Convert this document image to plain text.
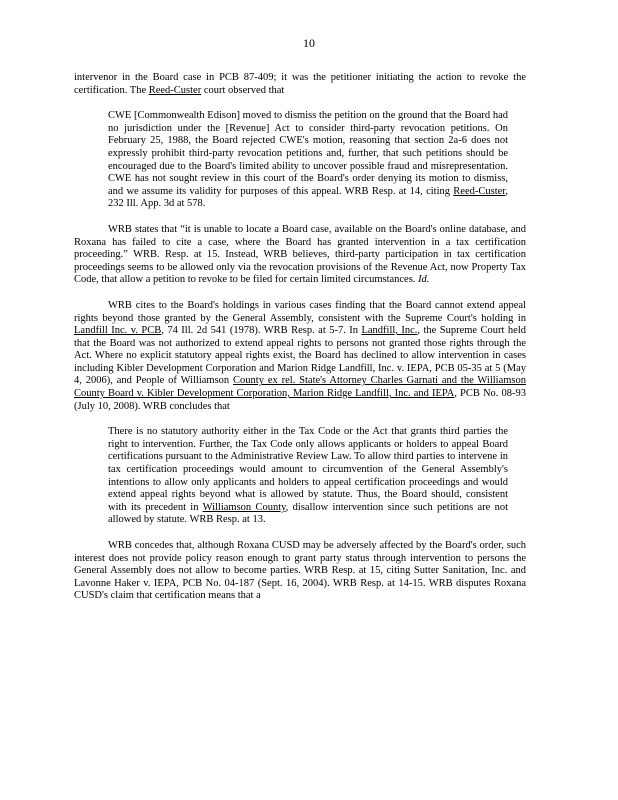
10

intervenor in the Board case in PCB 87-409; it was the petitioner initiating the action to revoke the certification. The Reed-Custer court observed that

CWE [Commonwealth Edison] moved to dismiss the petition on the ground that the Board had no jurisdiction under the [Revenue] Act to consider third-party revocation petitions. On February 25, 1988, the Board rejected CWE's motion, reasoning that section 2a-6 does not expressly prohibit third-party revocation petitions and, further, that such petitions should be encouraged due to the Board's limited ability to uncover possible fraud and misrepresentation. CWE has not sought review in this court of the Board's order denying its motion to dismiss, and we assume its validity for purposes of this appeal. WRB Resp. at 14, citing Reed-Custer, 232 Ill. App. 3d at 578.

WRB states that “it is unable to locate a Board case, available on the Board's online database, and Roxana has failed to cite a case, where the Board has granted intervention in a tax certification proceeding.” WRB. Resp. at 15. Instead, WRB believes, third-party participation in tax certification proceedings seems to be allowed only via the revocation provisions of the Revenue Act, now Property Tax Code, that allow a petition to revoke to be filed for certain limited circumstances. Id.

WRB cites to the Board's holdings in various cases finding that the Board cannot extend appeal rights beyond those granted by the General Assembly, consistent with the Supreme Court's holding in Landfill Inc. v. PCB, 74 Ill. 2d 541 (1978). WRB Resp. at 5-7. In Landfill, Inc., the Supreme Court held that the Board was not authorized to extend appeal rights to persons not granted those rights through the Act. Where no explicit statutory appeal rights exist, the Board has declined to allow intervention in cases including Kibler Development Corporation and Marion Ridge Landfill, Inc. v. IEPA, PCB 05-35 at 5 (May 4, 2006), and People of Williamson County ex rel. State's Attorney Charles Garnati and the Williamson County Board v. Kibler Development Corporation, Marion Ridge Landfill, Inc. and IEPA, PCB No. 08-93 (July 10, 2008). WRB concludes that

There is no statutory authority either in the Tax Code or the Act that grants third parties the right to intervention. Further, the Tax Code only allows applicants or holders to appeal Board certifications pursuant to the Administrative Review Law. To allow third parties to intervene in tax certification proceedings would amount to circumvention of the General Assembly's intentions to allow only applicants and holders to appeal certification proceedings and would extend appeal rights beyond what is allowed by statute. Thus, the Board should, consistent with its precedent in Williamson County, disallow intervention since such petitions are not allowed by statute. WRB Resp. at 13.

WRB concedes that, although Roxana CUSD may be adversely affected by the Board's order, such interest does not provide policy reason enough to grant party status through intervention to persons the General Assembly does not allow to become parties. WRB Resp. at 15, citing Sutter Sanitation, Inc. and Lavonne Haker v. IEPA, PCB No. 04-187 (Sept. 16, 2004). WRB Resp. at 14-15. WRB disputes Roxana CUSD's claim that certification means that a
